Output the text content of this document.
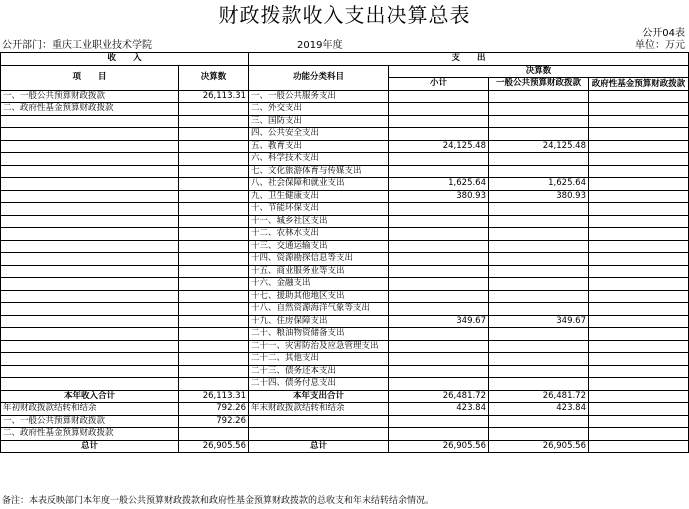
财政拨款收入支出决算总表
公开04表
公开部门：重庆工业职业技术学院	2019年度	单位：万元
收　　入		支　　出			
项　　目	决算数	功能分类科目	决算数		
			小计	一般公共预算财政拨款	政府性基金预算财政拨款

一、一般公共预算财政拨款	26,113.31	一、一般公共服务支出			
二、政府性基金预算财政拨款		二、外交支出			
		三、国防支出			
		四、公共安全支出			
		五、教育支出	24,125.48	24,125.48	
		六、科学技术支出			
		七、文化旅游体育与传媒支出			
		八、社会保障和就业支出	1,625.64	1,625.64	
		九、卫生健康支出	380.93	380.93	
		十、节能环保支出			
		十一、城乡社区支出			
		十二、农林水支出			
		十三、交通运输支出			
		十四、资源勘探信息等支出			
		十五、商业服务业等支出			
		十六、金融支出			
		十七、援助其他地区支出			
		十八、自然资源海洋气象等支出			
		十九、住房保障支出	349.67	349.67	
		二十、粮油物资储备支出			
		二十一、灾害防治及应急管理支出			
		二十二、其他支出			
		二十三、债务还本支出			
		二十四、债务付息支出			
本年收入合计	26,113.31	本年支出合计	26,481.72	26,481.72	
年初财政拨款结转和结余	792.26	年末财政拨款结转和结余	423.84	423.84	
一、一般公共预算财政拨款	792.26				
二、政府性基金预算财政拨款					
总计	26,905.56	总计	26,905.56	26,905.56	
备注：本表反映部门本年度一般公共预算财政拨款和政府性基金预算财政拨款的总收支和年末结转结余情况。
